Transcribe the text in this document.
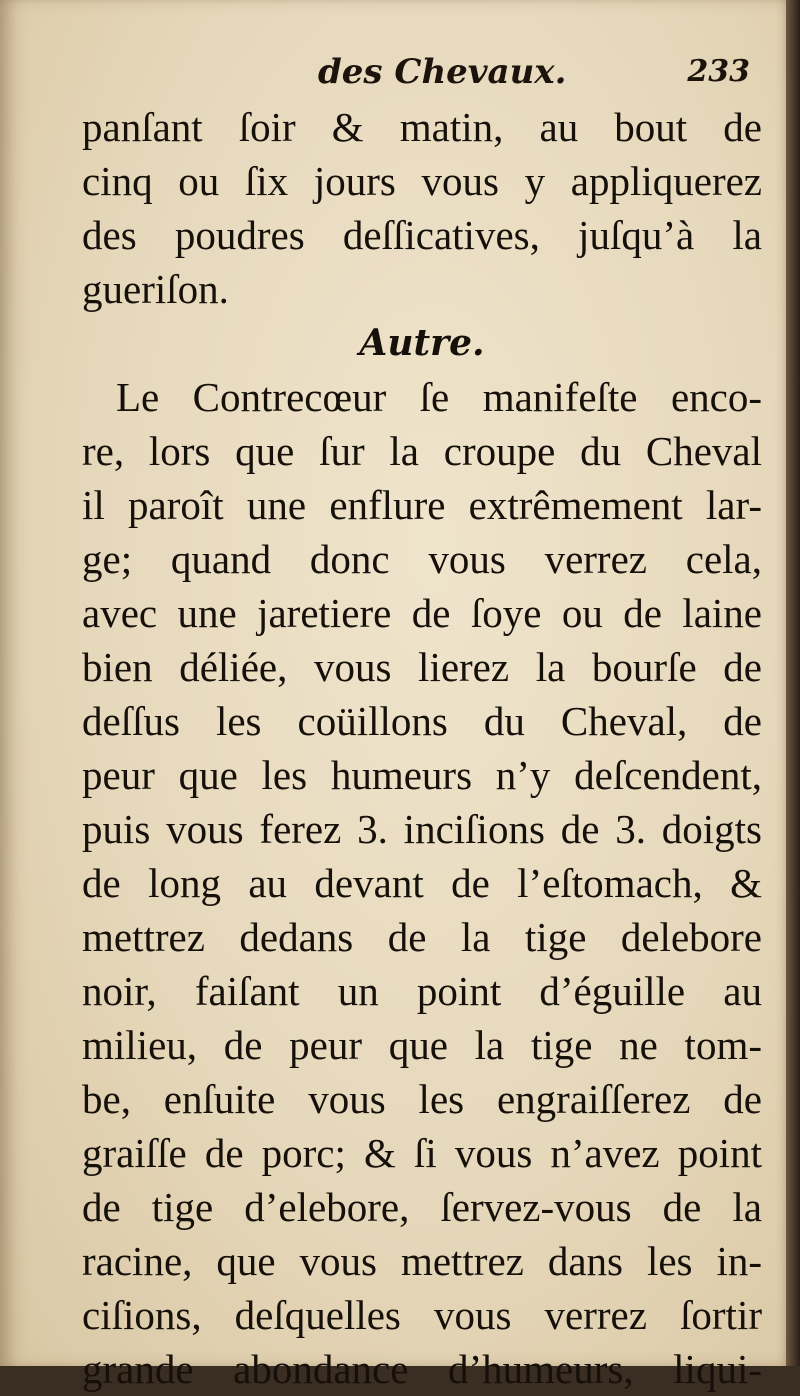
des Chevaux.	233
panſant ſoir & matin, au bout de
cinq ou ſix jours vous y appliquerez
des poudres deſſicatives, juſqu’à la
gueriſon.
Autre.
Le Contrecœur ſe manifeſte enco-
re, lors que ſur la croupe du Cheval
il paroît une enflure extrêmement lar-
ge; quand donc vous verrez cela,
avec une jaretiere de ſoye ou de laine
bien déliée, vous lierez la bourſe de
deſſus les coüillons du Cheval, de
peur que les humeurs n’y deſcendent,
puis vous ferez 3. inciſions de 3. doigts
de long au devant de l’eſtomach, &
mettrez dedans de la tige delebore
noir, faiſant un point d’éguille au
milieu, de peur que la tige ne tom-
be, enſuite vous les engraiſſerez de
graiſſe de porc; & ſi vous n’avez point
de tige d’elebore, ſervez-vous de la
racine, que vous mettrez dans les in-
ciſions, deſquelles vous verrez ſortir
grande abondance d’humeurs, liqui-
